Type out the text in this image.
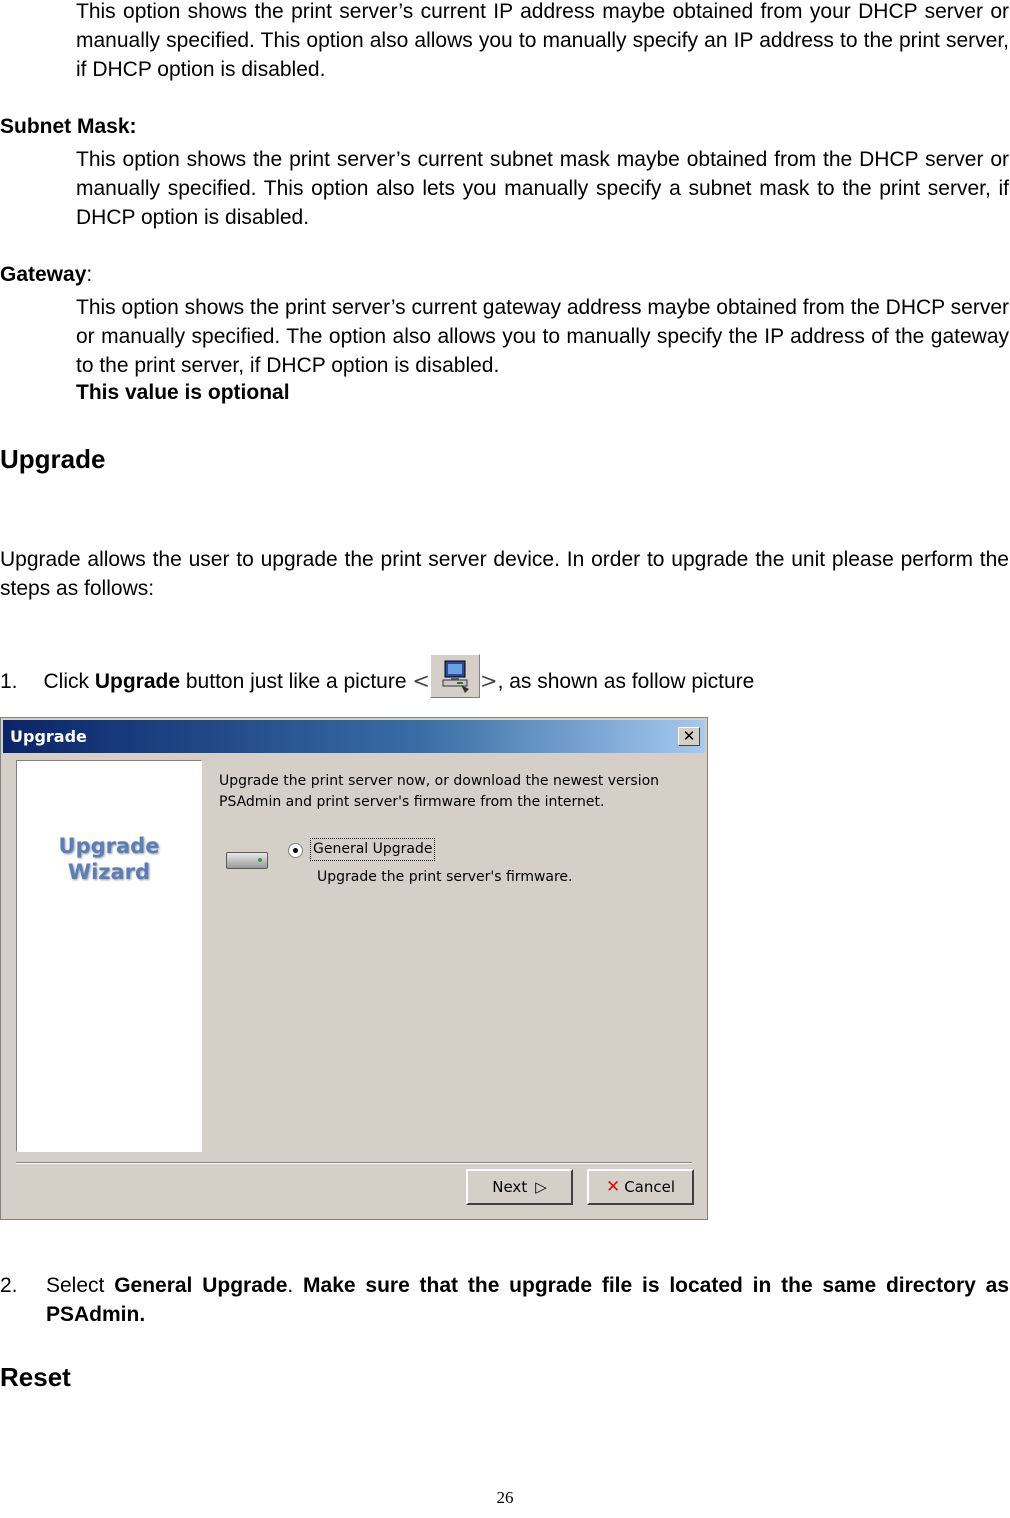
This option shows the print server’s current IP address maybe obtained from your DHCP server or manually specified. This option also allows you to manually specify an IP address to the print server, if DHCP option is disabled.
Subnet Mask:
This option shows the print server’s current subnet mask maybe obtained from the DHCP server or manually specified. This option also lets you manually specify a subnet mask to the print server, if DHCP option is disabled.
Gateway:
This option shows the print server’s current gateway address maybe obtained from the DHCP server or manually specified. The option also allows you to manually specify the IP address of the gateway to the print server, if DHCP option is disabled.
This value is optional
Upgrade
Upgrade allows the user to upgrade the print server device. In order to upgrade the unit please perform the steps as follows:
1. Click Upgrade button just like a picture < >, as shown as follow picture
Upgrade	✕
Upgrade
Wizard
Upgrade the print server now, or download the newest version
PSAdmin and print server's firmware from the internet.
General Upgrade
Upgrade the print server's firmware.
Next ▷	✕ Cancel
2. Select General Upgrade. Make sure that the upgrade file is located in the same directory as PSAdmin.
Reset
26
